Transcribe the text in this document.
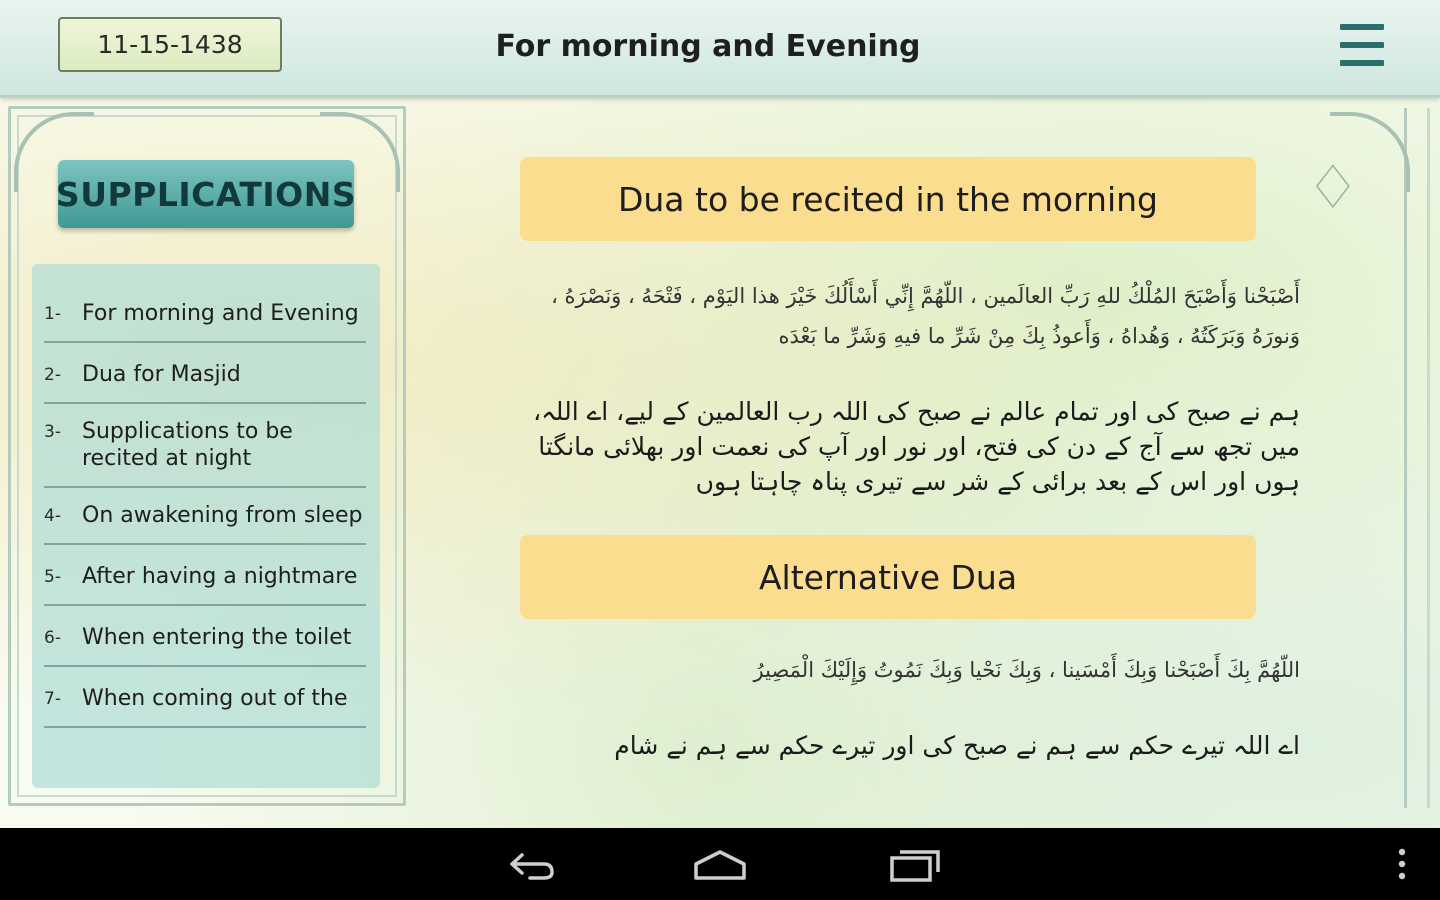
11-15-1438	For morning and Evening
♢
SUPPLICATIONS
1- For morning and Evening
2- Dua for Masjid
3- Supplications to be recited at night
4- On awakening from sleep
5- After having a nightmare
6- When entering the toilet
7- When coming out of the
Dua to be recited in the morning
أَصْبَحْنا وَأَصْبَحَ المُلْكُ للهِ رَبِّ العالَمين ، اللّهُمَّ إِنِّي أَسْأَلُكَ خَيْرَ هذا اليَوْم ، فَتْحَهُ ، وَنَصْرَهُ ،
وَنورَهُ وَبَرَكَتُهُ ، وَهُداهُ ، وَأَعوذُ بِكَ مِنْ شَرِّ ما فيهِ وَشَرِّ ما بَعْدَه
ہم نے صبح کی اور تمام عالم نے صبح کی اللہ رب العالمین کے لیے، اے اللہ، میں تجھ سے آج کے دن کی فتح، اور نور اور آپ کی نعمت اور بھلائی مانگتا ہوں اور اس کے بعد برائی کے شر سے تیری پناہ چاہتا ہوں
Alternative Dua
اللّهُمَّ بِكَ أَصْبَحْنا وَبِكَ أَمْسَينا ، وَبِكَ نَحْيا وَبِكَ نَمُوتُ وَإِلَيْكَ الْمَصِيرُ
اے اللہ تیرے حکم سے ہم نے صبح کی اور تیرے حکم سے ہم نے شام
